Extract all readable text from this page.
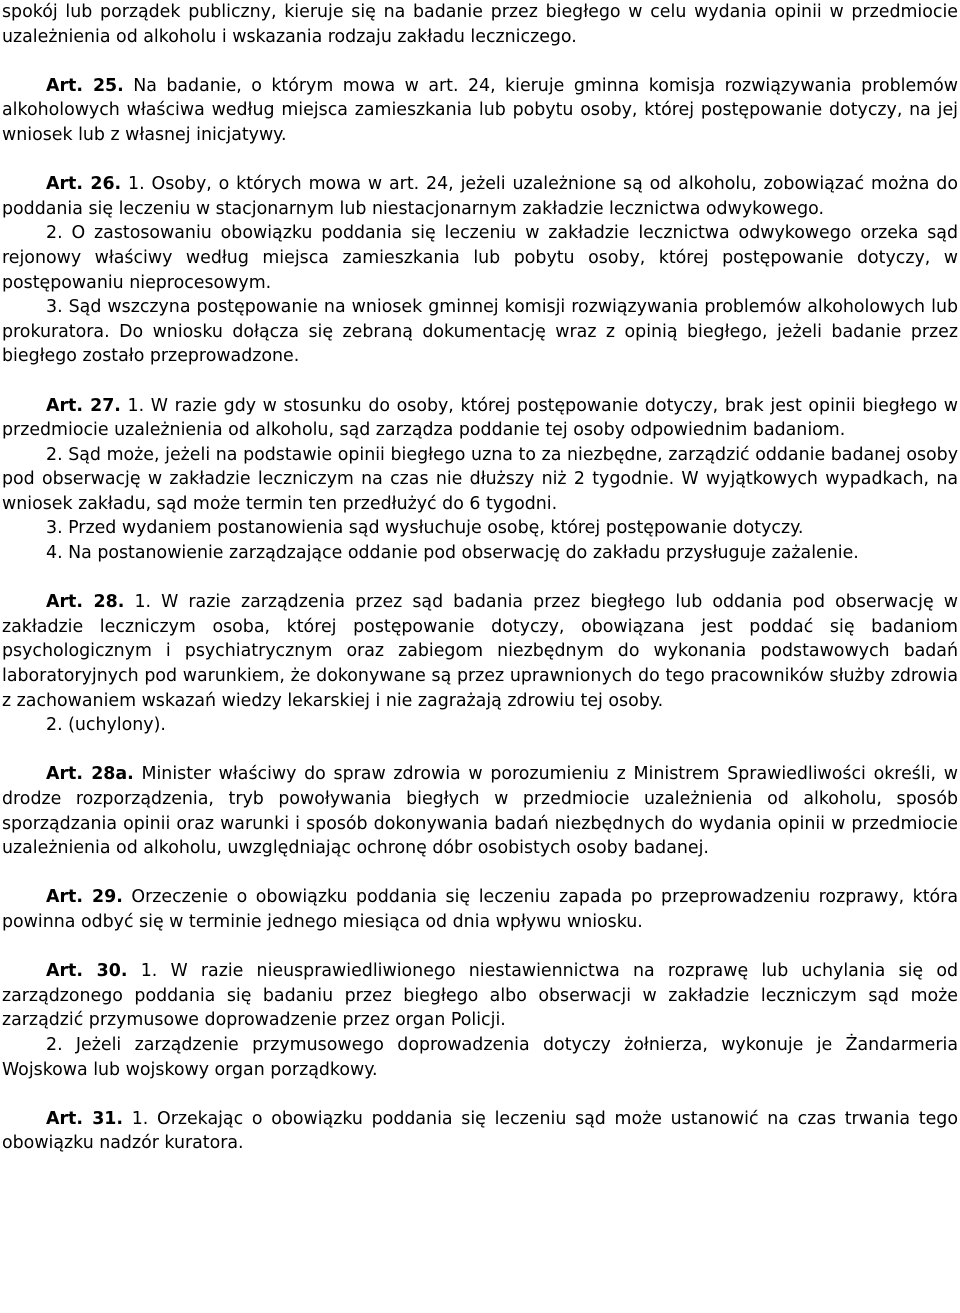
spokój lub porządek publiczny, kieruje się na badanie przez biegłego w celu wydania opinii w przedmiocie uzależnienia od alkoholu i wskazania rodzaju zakładu leczniczego.

Art. 25. Na badanie, o którym mowa w art. 24, kieruje gminna komisja rozwiązywania problemów alkoholowych właściwa według miejsca zamieszkania lub pobytu osoby, której postępowanie dotyczy, na jej wniosek lub z własnej inicjatywy.

Art. 26. 1. Osoby, o których mowa w art. 24, jeżeli uzależnione są od alkoholu, zobowiązać można do poddania się leczeniu w stacjonarnym lub niestacjonarnym zakładzie lecznictwa odwykowego.

2. O zastosowaniu obowiązku poddania się leczeniu w zakładzie lecznictwa odwykowego orzeka sąd rejonowy właściwy według miejsca zamieszkania lub pobytu osoby, której postępowanie dotyczy, w postępowaniu nieprocesowym.

3. Sąd wszczyna postępowanie na wniosek gminnej komisji rozwiązywania problemów alkoholowych lub prokuratora. Do wniosku dołącza się zebraną dokumentację wraz z opinią biegłego, jeżeli badanie przez biegłego zostało przeprowadzone.

Art. 27. 1. W razie gdy w stosunku do osoby, której postępowanie dotyczy, brak jest opinii biegłego w przedmiocie uzależnienia od alkoholu, sąd zarządza poddanie tej osoby odpowiednim badaniom.

2. Sąd może, jeżeli na podstawie opinii biegłego uzna to za niezbędne, zarządzić oddanie badanej osoby pod obserwację w zakładzie leczniczym na czas nie dłuższy niż 2 tygodnie. W wyjątkowych wypadkach, na wniosek zakładu, sąd może termin ten przedłużyć do 6 tygodni.

3. Przed wydaniem postanowienia sąd wysłuchuje osobę, której postępowanie dotyczy.

4. Na postanowienie zarządzające oddanie pod obserwację do zakładu przysługuje zażalenie.

Art. 28. 1. W razie zarządzenia przez sąd badania przez biegłego lub oddania pod obserwację w zakładzie leczniczym osoba, której postępowanie dotyczy, obowiązana jest poddać się badaniom psychologicznym i psychiatrycznym oraz zabiegom niezbędnym do wykonania podstawowych badań laboratoryjnych pod warunkiem, że dokonywane są przez uprawnionych do tego pracowników służby zdrowia z zachowaniem wskazań wiedzy lekarskiej i nie zagrażają zdrowiu tej osoby.

2. (uchylony).

Art. 28a. Minister właściwy do spraw zdrowia w porozumieniu z Ministrem Sprawiedliwości określi, w drodze rozporządzenia, tryb powoływania biegłych w przedmiocie uzależnienia od alkoholu, sposób sporządzania opinii oraz warunki i sposób dokonywania badań niezbędnych do wydania opinii w przedmiocie uzależnienia od alkoholu, uwzględniając ochronę dóbr osobistych osoby badanej.

Art. 29. Orzeczenie o obowiązku poddania się leczeniu zapada po przeprowadzeniu rozprawy, która powinna odbyć się w terminie jednego miesiąca od dnia wpływu wniosku.

Art. 30. 1. W razie nieusprawiedliwionego niestawiennictwa na rozprawę lub uchylania się od zarządzonego poddania się badaniu przez biegłego albo obserwacji w zakładzie leczniczym sąd może zarządzić przymusowe doprowadzenie przez organ Policji.

2. Jeżeli zarządzenie przymusowego doprowadzenia dotyczy żołnierza, wykonuje je Żandarmeria Wojskowa lub wojskowy organ porządkowy.

Art. 31. 1. Orzekając o obowiązku poddania się leczeniu sąd może ustanowić na czas trwania tego obowiązku nadzór kuratora.
